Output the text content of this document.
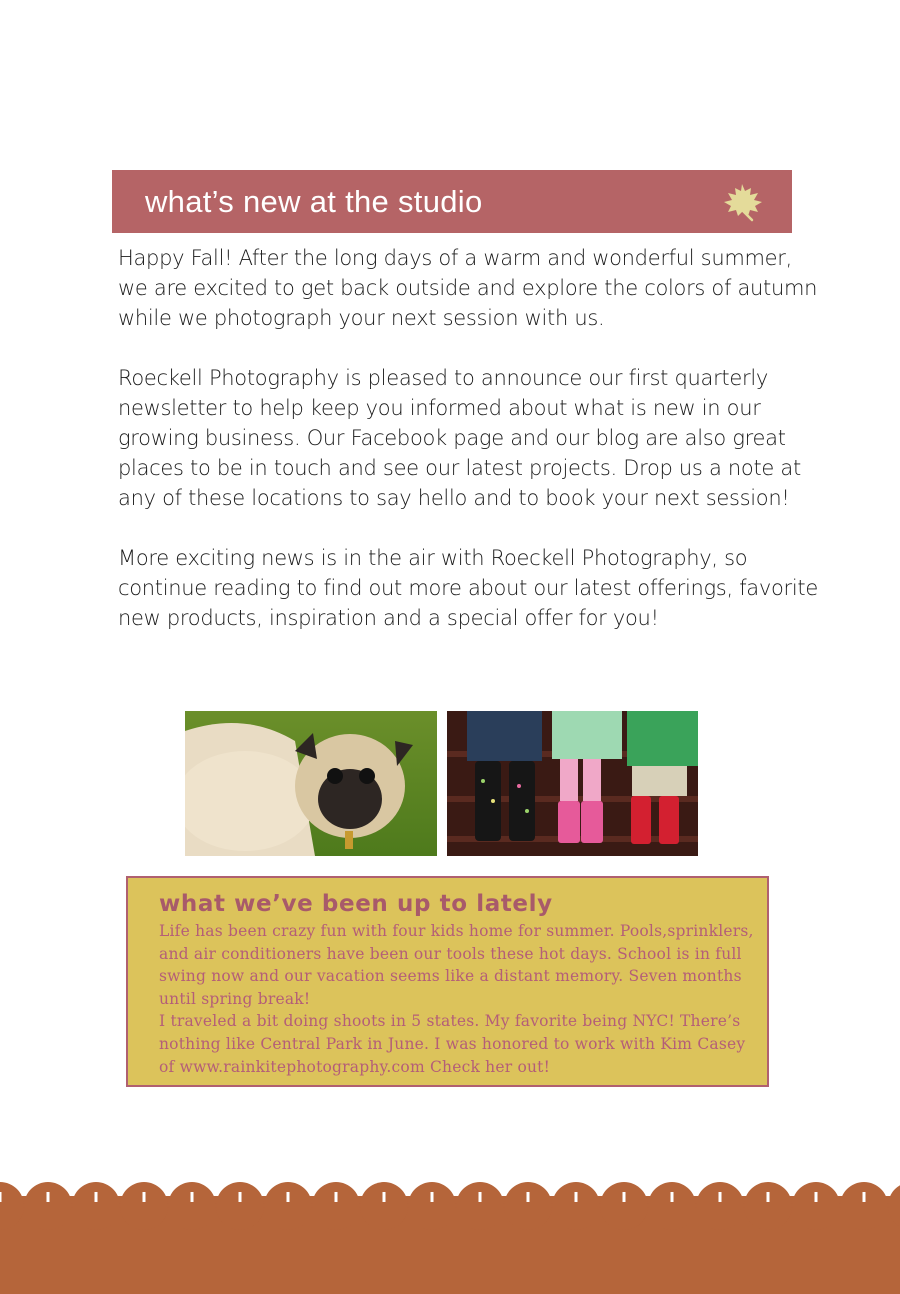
what’s new at the studio

Happy Fall! After the long days of a warm and wonderful summer, we are excited to get back outside and explore the colors of autumn while we photograph your next session with us.

Roeckell Photography is pleased to announce our first quarterly newsletter to help keep you informed about what is new in our growing business. Our Facebook page and our blog are also great places to be in touch and see our latest projects. Drop us a note at any of these locations to say hello and to book your next session!

More exciting news is in the air with Roeckell Photography, so continue reading to find out more about our latest offerings, favorite new products, inspiration and a special offer for you!

what we’ve been up to lately

Life has been crazy fun with four kids home for summer. Pools,sprinklers, and air conditioners have been our tools these hot days. School is in full swing now and our vacation seems like a distant memory. Seven months until spring break!

I traveled a bit doing shoots in 5 states. My favorite being NYC! There’s nothing like Central Park in June. I was honored to work with Kim Casey of www.rainkitephotography.com Check her out!
